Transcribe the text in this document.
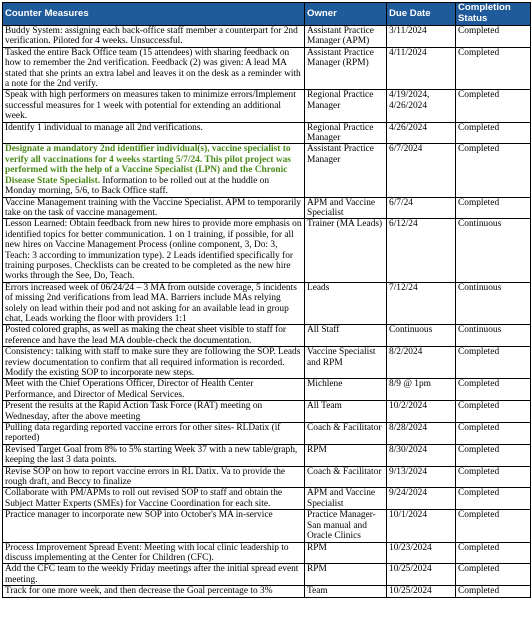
Counter Measures	Owner	Due Date	Completion Status
Buddy System: assigning each back-office staff member a counterpart for 2nd verification. Piloted for 4 weeks. Unsuccessful.	Assistant Practice Manager (APM)	3/11/2024	Completed
Tasked the entire Back Office team (15 attendees) with sharing feedback on how to remember the 2nd verification. Feedback (2) was given: A lead MA stated that she prints an extra label and leaves it on the desk as a reminder with a note for the 2nd verify.	Assistant Practice Manager (RPM)	4/11/2024	Completed
Speak with high performers on measures taken to minimize errors/Implement successful measures for 1 week with potential for extending an additional week.	Regional Practice Manager	4/19/2024, 4/26/2024	Completed
Identify 1 individual to manage all 2nd verifications.	Regional Practice Manager	4/26/2024	Completed
Designate a mandatory 2nd identifier individual(s), vaccine specialist to verify all vaccinations for 4 weeks starting 5/7/24. This pilot project was performed with the help of a Vaccine Specialist (LPN) and the Chronic Disease State Specialist. Information to be rolled out at the huddle on Monday morning, 5/6, to Back Office staff.	Assistant Practice Manager	6/7/2024	Completed
Vaccine Management training with the Vaccine Specialist. APM to temporarily take on the task of vaccine management.	APM and Vaccine Specialist	6/7/24	Completed
Lesson Learned: Obtain feedback from new hires to provide more emphasis on identified topics for better communication. 1 on 1 training, if possible, for all new hires on Vaccine Management Process (online component, 3, Do: 3, Teach: 3 according to immunization type). 2 Leads identified specifically for training purposes. Checklists can be created to be completed as the new hire works through the See, Do, Teach.	Trainer (MA Leads)	6/12/24	Continuous
Errors increased week of 06/24/24 – 3 MA from outside coverage, 5 incidents of missing 2nd verifications from lead MA. Barriers include MAs relying solely on lead within their pod and not asking for an available lead in group chat, Leads working the floor with providers 1:1	Leads	7/12/24	Continuous
Posted colored graphs, as well as making the cheat sheet visible to staff for reference and have the lead MA double-check the documentation.	All Staff	Continuous	Continuous
Consistency: talking with staff to make sure they are following the SOP. Leads review documentation to confirm that all required information is recorded. Modify the existing SOP to incorporate new steps.	Vaccine Specialist and RPM	8/2/2024	Completed
Meet with the Chief Operations Officer, Director of Health Center Performance, and Director of Medical Services.	Michlene	8/9 @ 1pm	Completed
Present the results at the Rapid Action Task Force (RAT) meeting on Wednesday, after the above meeting	All Team	10/2/2024	Completed
Pulling data regarding reported vaccine errors for other sites- RLDatix (if reported)	Coach & Facilitator	8/28/2024	Completed
Revised Target Goal from 8% to 5% starting Week 37 with a new table/graph, keeping the last 3 data points.	RPM	8/30/2024	Completed
Revise SOP on how to report vaccine errors in RL Datix. Va to provide the rough draft, and Beccy to finalize	Coach & Facilitator	9/13/2024	Completed
Collaborate with PM/APMs to roll out revised SOP to staff and obtain the Subject Matter Experts (SMEs) for Vaccine Coordination for each site.	APM and Vaccine Specialist	9/24/2024	Completed
Practice manager to incorporate new SOP into October's MA in-service	Practice Manager- San manual and Oracle Clinics	10/1/2024	Completed
Process Improvement Spread Event: Meeting with local clinic leadership to discuss implementing at the Center for Children (CFC).	RPM	10/23/2024	Completed
Add the CFC team to the weekly Friday meetings after the initial spread event meeting.	RPM	10/25/2024	Completed
Track for one more week, and then decrease the Goal percentage to 3%	Team	10/25/2024	Completed
